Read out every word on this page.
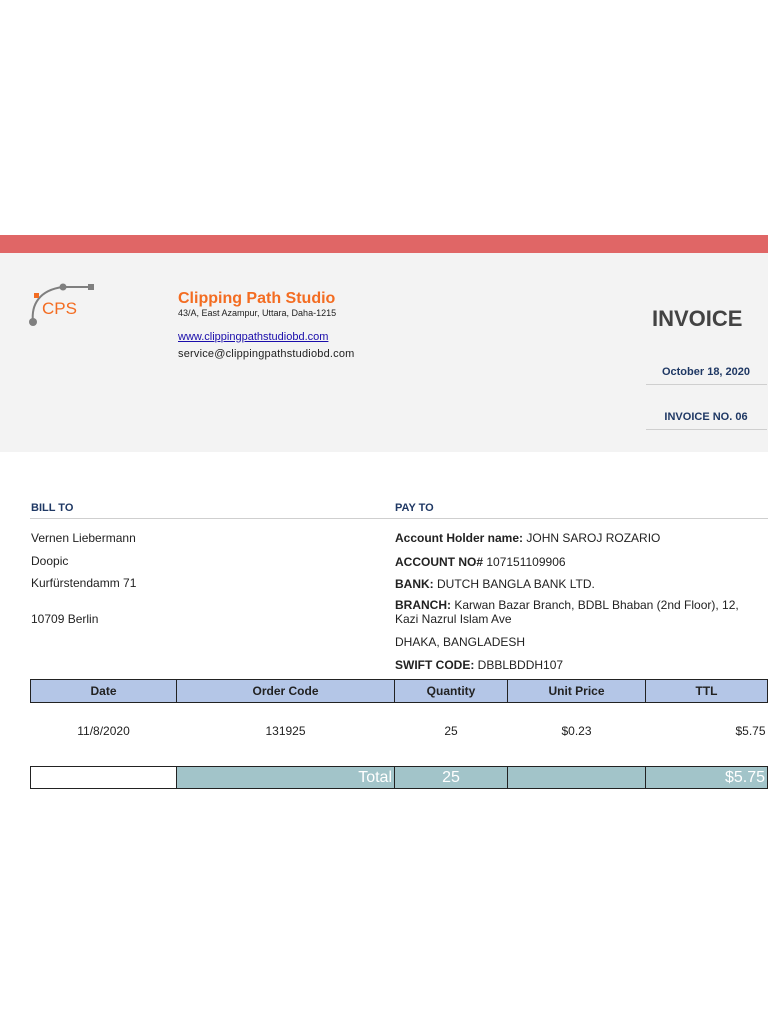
CPS
Clipping Path Studio
43/A, East Azampur, Uttara, Daha-1215
www.clippingpathstudiobd.com
service@clippingpathstudiobd.com
INVOICE
October 18, 2020
INVOICE NO. 06
BILL TO	PAY TO
Vernen Liebermann
Doopic
Kurfürstendamm 71
10709 Berlin
Account Holder name: JOHN SAROJ ROZARIO
ACCOUNT NO# 107151109906
BANK: DUTCH BANGLA BANK LTD.
BRANCH: Karwan Bazar Branch, BDBL Bhaban (2nd Floor), 12,
Kazi Nazrul Islam Ave
DHAKA, BANGLADESH
SWIFT CODE: DBBLBDDH107
Date	Order Code	Quantity	Unit Price	TTL
11/8/2020	131925	25	$0.23	$5.75
	Total	25		$5.75
